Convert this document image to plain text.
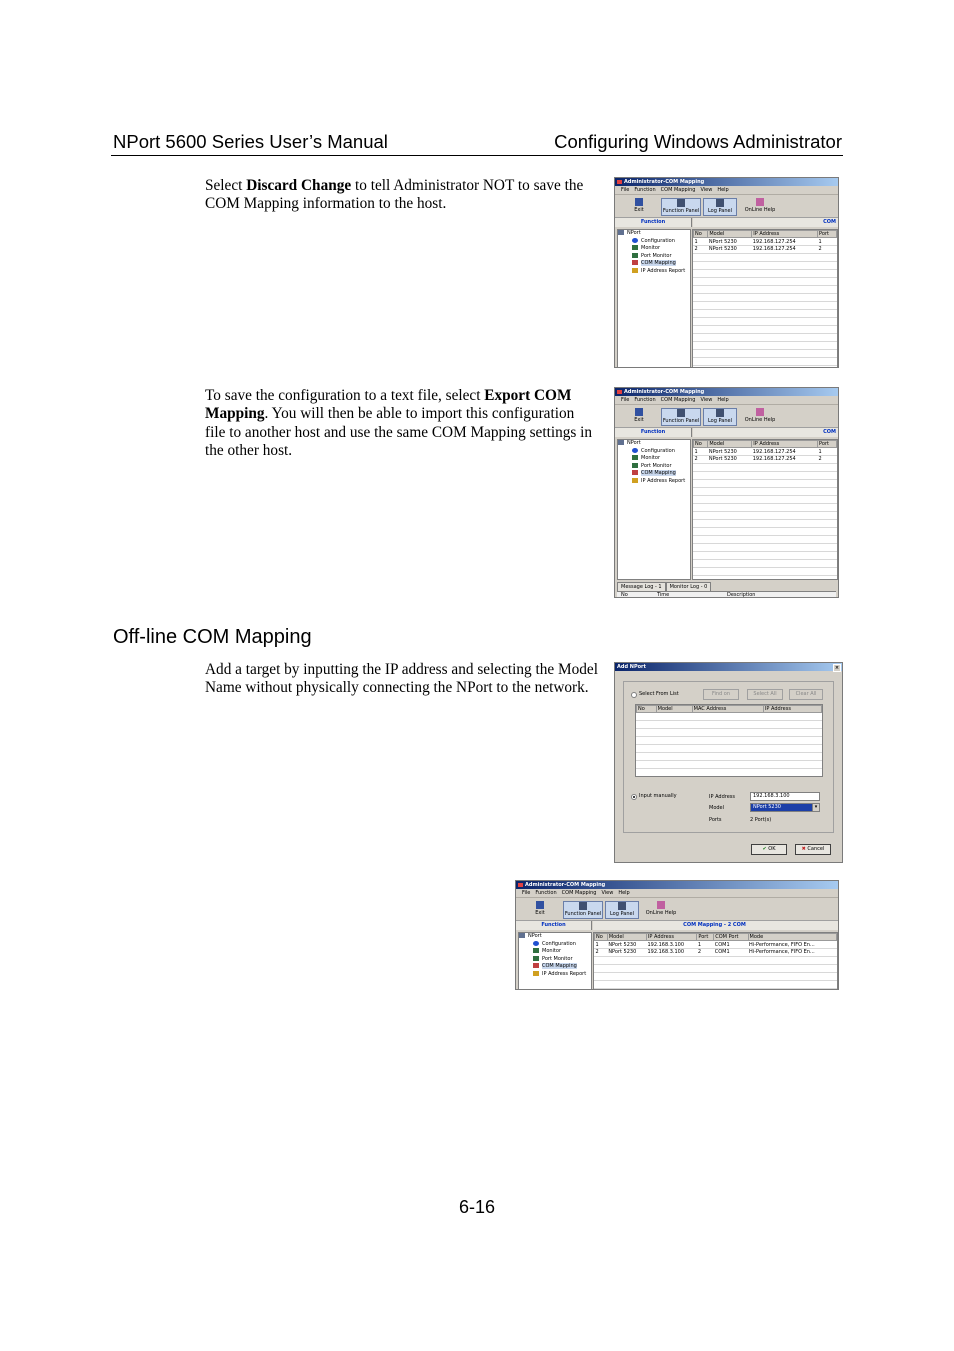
NPort 5600 Series User’s Manual	Configuring Windows Administrator
Select Discard Change to tell Administrator NOT to save the COM Mapping information to the host.
Administrator-COM Mapping
File Function COM Mapping View Help
Exit	Function Panel	Log Panel	OnLine Help
Function	COM
NPort
Configuration
Monitor
Port Monitor
COM Mapping
IP Address Report
No	Model	IP Address	Port
1	NPort 5230	192.168.127.254	1
2	NPort 5230	192.168.127.254	2
To save the configuration to a text file, select Export COM Mapping. You will then be able to import this configuration file to another host and use the same COM Mapping settings in the other host.
Administrator-COM Mapping
File Function COM Mapping View Help
Exit	Function Panel	Log Panel	OnLine Help
Function	COM
NPort
Configuration
Monitor
Port Monitor
COM Mapping
IP Address Report
No	Model	IP Address	Port
1	NPort 5230	192.168.127.254	1
2	NPort 5230	192.168.127.254	2
Message Log - 1 Monitor Log - 0
No	Time	Description
Off-line COM Mapping
Add a target by inputting the IP address and selecting the Model Name without physically connecting the NPort to the network.
Add NPort	×
Select From List	Find on	Select All	Clear All
No	Model	MAC Address	IP Address
Input manually	IP Address	192.168.3.100
Model	NPort 5230	▾
Ports	2 Port(s)
✔ OK	✖ Cancel
Administrator-COM Mapping
File Function COM Mapping View Help
Exit	Function Panel	Log Panel	OnLine Help
Function	COM Mapping - 2 COM
NPort
Configuration
Monitor
Port Monitor
COM Mapping
IP Address Report
No	Model	IP Address	Port	COM Port	Mode
1	NPort 5230	192.168.3.100	1	COM1	Hi-Performance, FIFO En...
2	NPort 5230	192.168.3.100	2	COM1	Hi-Performance, FIFO En...
6-16
